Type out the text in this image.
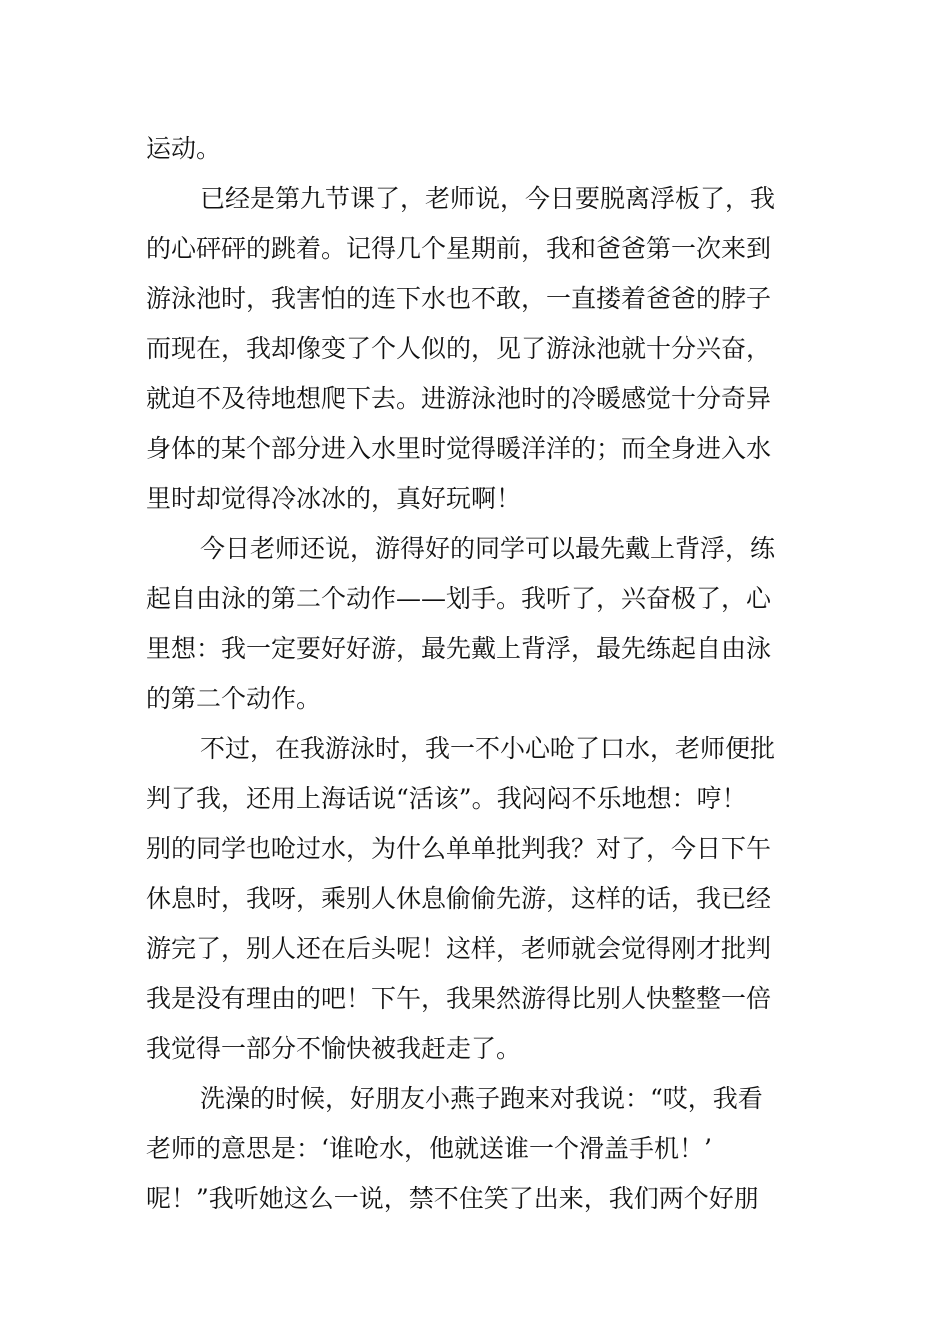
运动。
已经是第九节课了，老师说，今日要脱离浮板了，我
的心砰砰的跳着。记得几个星期前，我和爸爸第一次来到
游泳池时，我害怕的连下水也不敢，一直搂着爸爸的脖子
而现在，我却像变了个人似的，见了游泳池就十分兴奋，
就迫不及待地想爬下去。进游泳池时的冷暖感觉十分奇异
身体的某个部分进入水里时觉得暖洋洋的；而全身进入水
里时却觉得冷冰冰的，真好玩啊！
今日老师还说，游得好的同学可以最先戴上背浮，练
起自由泳的第二个动作——划手。我听了，兴奋极了，心
里想：我一定要好好游，最先戴上背浮，最先练起自由泳
的第二个动作。
不过，在我游泳时，我一不小心呛了口水，老师便批
判了我，还用上海话说“活该”。我闷闷不乐地想：哼！
别的同学也呛过水，为什么单单批判我？对了，今日下午
休息时，我呀，乘别人休息偷偷先游，这样的话，我已经
游完了，别人还在后头呢！这样，老师就会觉得刚才批判
我是没有理由的吧！下午，我果然游得比别人快整整一倍
我觉得一部分不愉快被我赶走了。
洗澡的时候，好朋友小燕子跑来对我说：“哎，我看
老师的意思是：‘谁呛水，他就送谁一个滑盖手机！’
呢！”我听她这么一说，禁不住笑了出来，我们两个好朋
